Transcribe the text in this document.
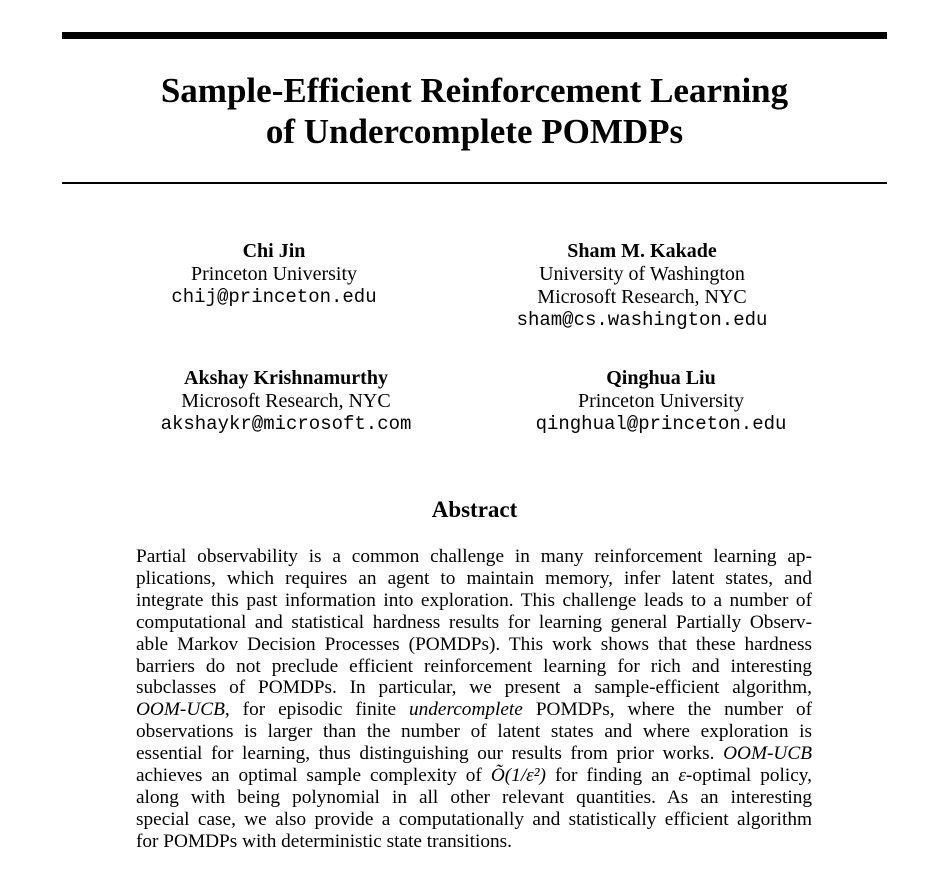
Sample-Efficient Reinforcement Learning
of Undercomplete POMDPs
Chi Jin
Princeton University
chij@princeton.edu
Sham M. Kakade
University of Washington
Microsoft Research, NYC
sham@cs.washington.edu
Akshay Krishnamurthy
Microsoft Research, NYC
akshaykr@microsoft.com
Qinghua Liu
Princeton University
qinghual@princeton.edu
Abstract
Partial observability is a common challenge in many reinforcement learning ap-
plications, which requires an agent to maintain memory, infer latent states, and
integrate this past information into exploration. This challenge leads to a number of
computational and statistical hardness results for learning general Partially Observ-
able Markov Decision Processes (POMDPs). This work shows that these hardness
barriers do not preclude efficient reinforcement learning for rich and interesting
subclasses of POMDPs. In particular, we present a sample-efficient algorithm,
OOM-UCB, for episodic finite undercomplete POMDPs, where the number of
observations is larger than the number of latent states and where exploration is
essential for learning, thus distinguishing our results from prior works. OOM-UCB
achieves an optimal sample complexity of Õ(1/ε²) for finding an ε-optimal policy,
along with being polynomial in all other relevant quantities. As an interesting
special case, we also provide a computationally and statistically efficient algorithm
for POMDPs with deterministic state transitions.
